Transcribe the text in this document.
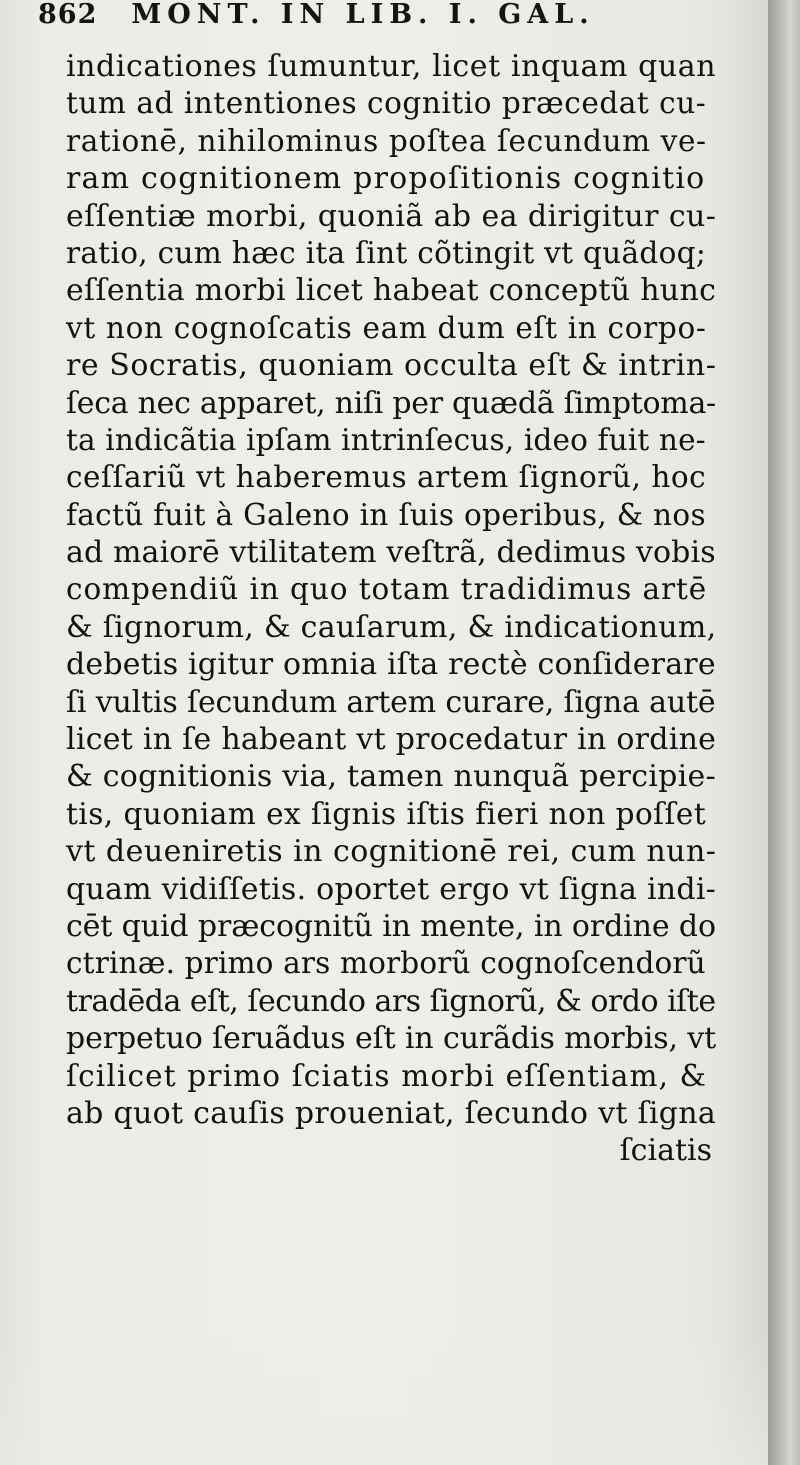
862 MONT. IN LIB. I. GAL.
indicationes ſumuntur, licet inquam quan
tum ad intentiones cognitio præcedat cu-
rationē, nihilominus poſtea ſecundum ve-
ram cognitionem propoſitionis cognitio
eſſentiæ morbi, quoniã ab ea dirigitur cu-
ratio, cum hæc ita ſint cõtingit vt quãdoq;
eſſentia morbi licet habeat conceptũ hunc
vt non cognoſcatis eam dum eſt in corpo-
re Socratis, quoniam occulta eſt & intrin-
ſeca nec apparet, niſi per quædã ſimptoma-
ta indicãtia ipſam intrinſecus, ideo fuit ne-
ceſſariũ vt haberemus artem ſignorũ, hoc
factũ fuit à Galeno in ſuis operibus, & nos
ad maiorē vtilitatem veſtrã, dedimus vobis
compendiũ in quo totam tradidimus artē
& ſignorum, & cauſarum, & indicationum,
debetis igitur omnia iſta rectè conſiderare
ſi vultis ſecundum artem curare, ſigna autē
licet in ſe habeant vt procedatur in ordine
& cognitionis via, tamen nunquã percipie-
tis, quoniam ex ſignis iſtis fieri non poſſet
vt deueniretis in cognitionē rei, cum nun-
quam vidiſſetis. oportet ergo vt ſigna indi-
cēt quid præcognitũ in mente, in ordine do
ctrinæ. primo ars morborũ cognoſcendorũ
tradēda eſt, ſecundo ars ſignorũ, & ordo iſte
perpetuo ſeruãdus eſt in curãdis morbis, vt
ſcilicet primo ſciatis morbi eſſentiam, &
ab quot cauſis proueniat, ſecundo vt ſigna
ſciatis
